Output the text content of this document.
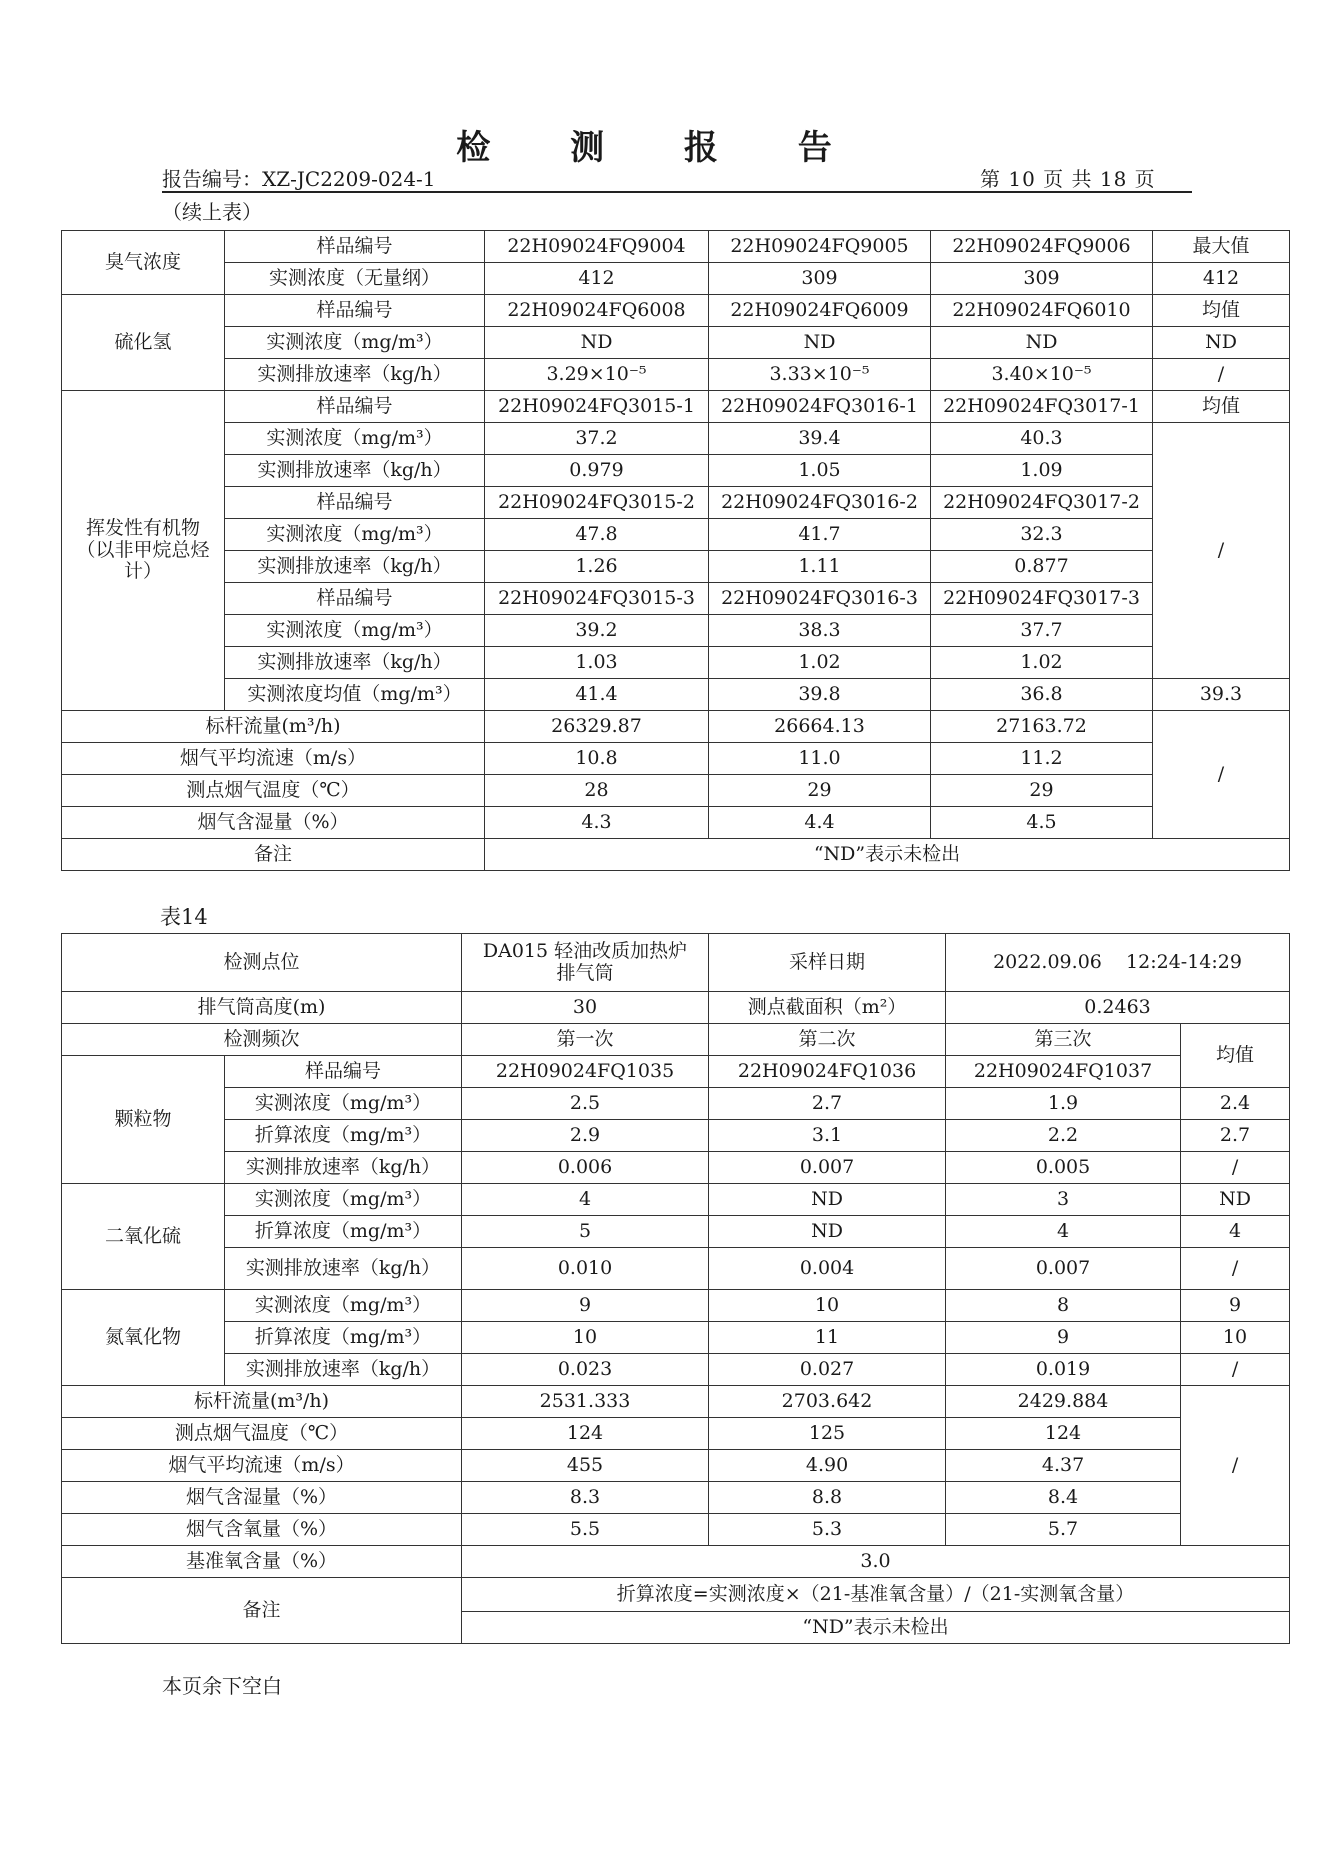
检 测 报 告
报告编号：XZ-JC2209-024-1	第 10 页 共 18 页
（续上表）
臭气浓度	样品编号	22H09024FQ9004	22H09024FQ9005	22H09024FQ9006	最大值
	实测浓度（无量纲）	412	309	309	412
硫化氢	样品编号	22H09024FQ6008	22H09024FQ6009	22H09024FQ6010	均值
	实测浓度（mg/m³）	ND	ND	ND	ND
	实测排放速率（kg/h）	3.29×10⁻⁵	3.33×10⁻⁵	3.40×10⁻⁵	/
挥发性有机物（以非甲烷总烃计）	样品编号	22H09024FQ3015-1	22H09024FQ3016-1	22H09024FQ3017-1	均值
	实测浓度（mg/m³）	37.2	39.4	40.3	/
	实测排放速率（kg/h）	0.979	1.05	1.09	
	样品编号	22H09024FQ3015-2	22H09024FQ3016-2	22H09024FQ3017-2	
	实测浓度（mg/m³）	47.8	41.7	32.3	
	实测排放速率（kg/h）	1.26	1.11	0.877	
	样品编号	22H09024FQ3015-3	22H09024FQ3016-3	22H09024FQ3017-3	
	实测浓度（mg/m³）	39.2	38.3	37.7	
	实测排放速率（kg/h）	1.03	1.02	1.02	
	实测浓度均值（mg/m³）	41.4	39.8	36.8	39.3
标杆流量(m³/h)		26329.87	26664.13	27163.72	/
烟气平均流速（m/s）		10.8	11.0	11.2	
测点烟气温度（℃）		28	29	29	
烟气含湿量（%）		4.3	4.4	4.5	
备注		“ND”表示未检出			
表14
检测点位		DA015 轻油改质加热炉排气筒	采样日期	2022.09.06    12:24-14:29	
排气筒高度(m)		30	测点截面积（m²）	0.2463	
检测频次		第一次	第二次	第三次	均值
颗粒物	样品编号	22H09024FQ1035	22H09024FQ1036	22H09024FQ1037	
	实测浓度（mg/m³）	2.5	2.7	1.9	2.4
	折算浓度（mg/m³）	2.9	3.1	2.2	2.7
	实测排放速率（kg/h）	0.006	0.007	0.005	/
二氧化硫	实测浓度（mg/m³）	4	ND	3	ND
	折算浓度（mg/m³）	5	ND	4	4
	实测排放速率（kg/h）	0.010	0.004	0.007	/
氮氧化物	实测浓度（mg/m³）	9	10	8	9
	折算浓度（mg/m³）	10	11	9	10
	实测排放速率（kg/h）	0.023	0.027	0.019	/
标杆流量(m³/h)		2531.333	2703.642	2429.884	/
测点烟气温度（℃）		124	125	124	
烟气平均流速（m/s）		455	4.90	4.37	
烟气含湿量（%）		8.3	8.8	8.4	
烟气含氧量（%）		5.5	5.3	5.7	
基准氧含量（%）		3.0			
备注		折算浓度=实测浓度×（21-基准氧含量）/（21-实测氧含量）			
		“ND”表示未检出			
本页余下空白
